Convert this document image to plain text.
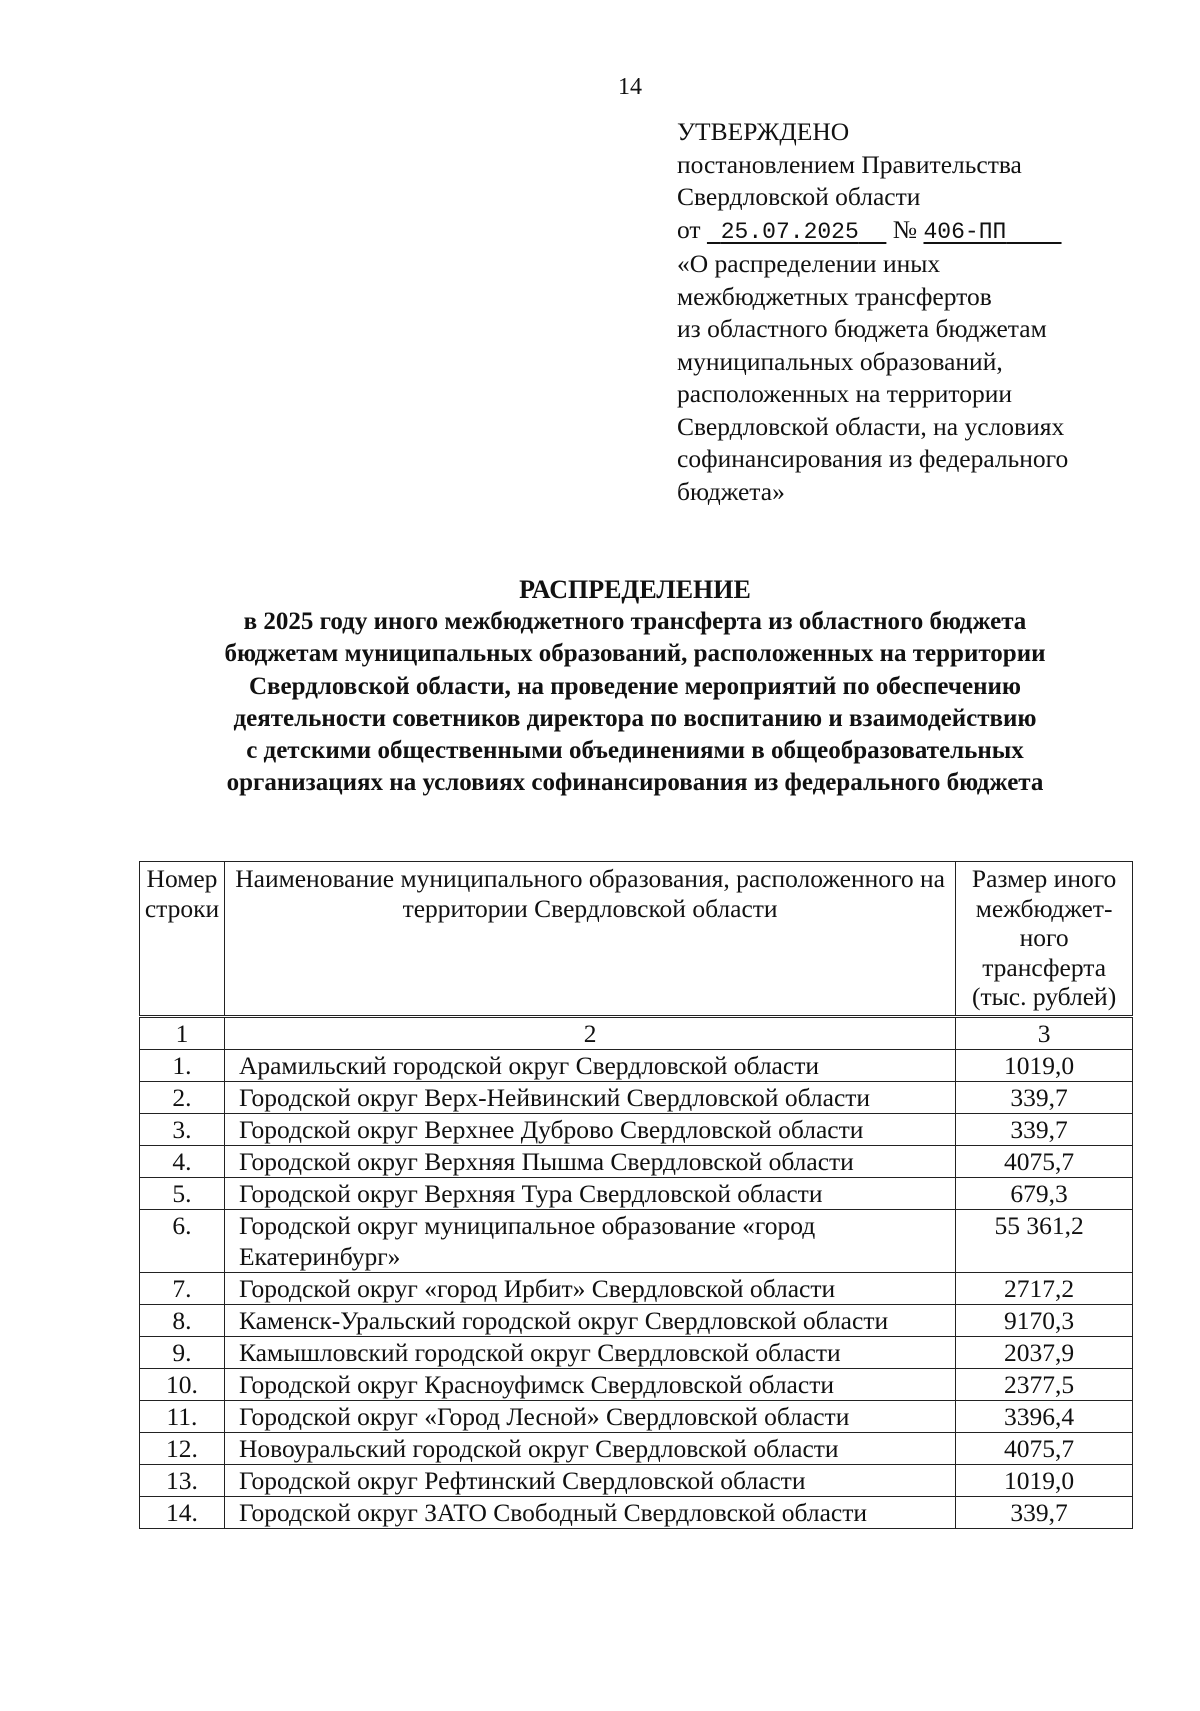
14
УТВЕРЖДЕНО
постановлением Правительства
Свердловской области
от 25.07.2025 № 406-ПП
«О распределении иных
межбюджетных трансфертов
из областного бюджета бюджетам
муниципальных образований,
расположенных на территории
Свердловской области, на условиях
софинансирования из федерального
бюджета»
РАСПРЕДЕЛЕНИЕ
в 2025 году иного межбюджетного трансферта из областного бюджета
бюджетам муниципальных образований, расположенных на территории
Свердловской области, на проведение мероприятий по обеспечению
деятельности советников директора по воспитанию и взаимодействию
с детскими общественными объединениями в общеобразовательных
организациях на условиях софинансирования из федерального бюджета
Номер строки	Наименование муниципального образования, расположенного на территории Свердловской области	Размер иного межбюджет-ного трансферта (тыс. рублей)
1	2	3
1.	Арамильский городской округ Свердловской области	1019,0
2.	Городской округ Верх-Нейвинский Свердловской области	339,7
3.	Городской округ Верхнее Дуброво Свердловской области	339,7
4.	Городской округ Верхняя Пышма Свердловской области	4075,7
5.	Городской округ Верхняя Тура Свердловской области	679,3
6.	Городской округ муниципальное образование «город Екатеринбург»	55 361,2
7.	Городской округ «город Ирбит» Свердловской области	2717,2
8.	Каменск-Уральский городской округ Свердловской области	9170,3
9.	Камышловский городской округ Свердловской области	2037,9
10.	Городской округ Красноуфимск Свердловской области	2377,5
11.	Городской округ «Город Лесной» Свердловской области	3396,4
12.	Новоуральский городской округ Свердловской области	4075,7
13.	Городской округ Рефтинский Свердловской области	1019,0
14.	Городской округ ЗАТО Свободный Свердловской области	339,7
